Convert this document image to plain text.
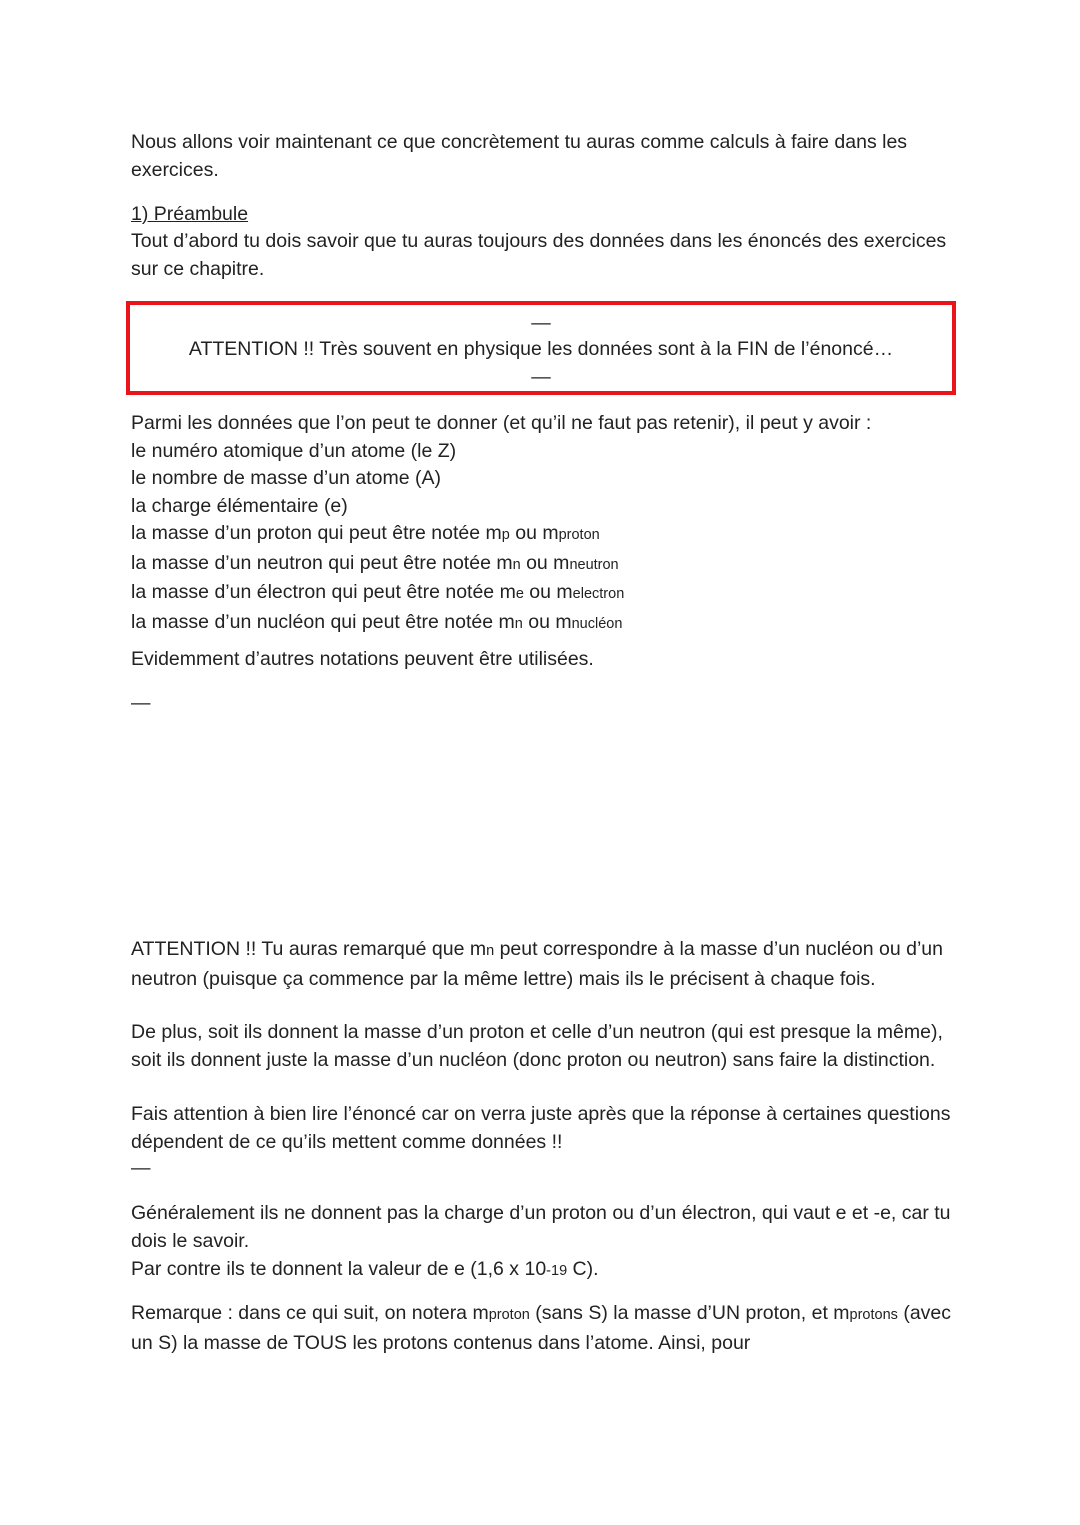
Nous allons voir maintenant ce que concrètement tu auras comme calculs à faire dans les exercices.

1) Préambule

Tout d’abord tu dois savoir que tu auras toujours des données dans les énoncés des exercices sur ce chapitre.

—
ATTENTION !! Très souvent en physique les données sont à la FIN de l’énoncé…
—
Parmi les données que l’on peut te donner (et qu’il ne faut pas retenir), il peut y avoir :
le numéro atomique d’un atome (le Z)
le nombre de masse d’un atome (A)
la charge élémentaire (e)
la masse d’un proton qui peut être notée mp ou mproton
la masse d’un neutron qui peut être notée mn ou mneutron
la masse d’un électron qui peut être notée me ou melectron
la masse d’un nucléon qui peut être notée mn ou mnucléon

Evidemment d’autres notations peuvent être utilisées.

—

ATTENTION !! Tu auras remarqué que mn peut correspondre à la masse d’un nucléon ou d’un neutron (puisque ça commence par la même lettre) mais ils le précisent à chaque fois.

De plus, soit ils donnent la masse d’un proton et celle d’un neutron (qui est presque la même), soit ils donnent juste la masse d’un nucléon (donc proton ou neutron) sans faire la distinction.

Fais attention à bien lire l’énoncé car on verra juste après que la réponse à certaines questions dépendent de ce qu’ils mettent comme données !!

—

Généralement ils ne donnent pas la charge d’un proton ou d’un électron, qui vaut e et -e, car tu dois le savoir.

Par contre ils te donnent la valeur de e (1,6 x 10-19 C).

Remarque : dans ce qui suit, on notera mproton (sans S) la masse d’UN proton, et mprotons (avec un S) la masse de TOUS les protons contenus dans l’atome. Ainsi, pour
